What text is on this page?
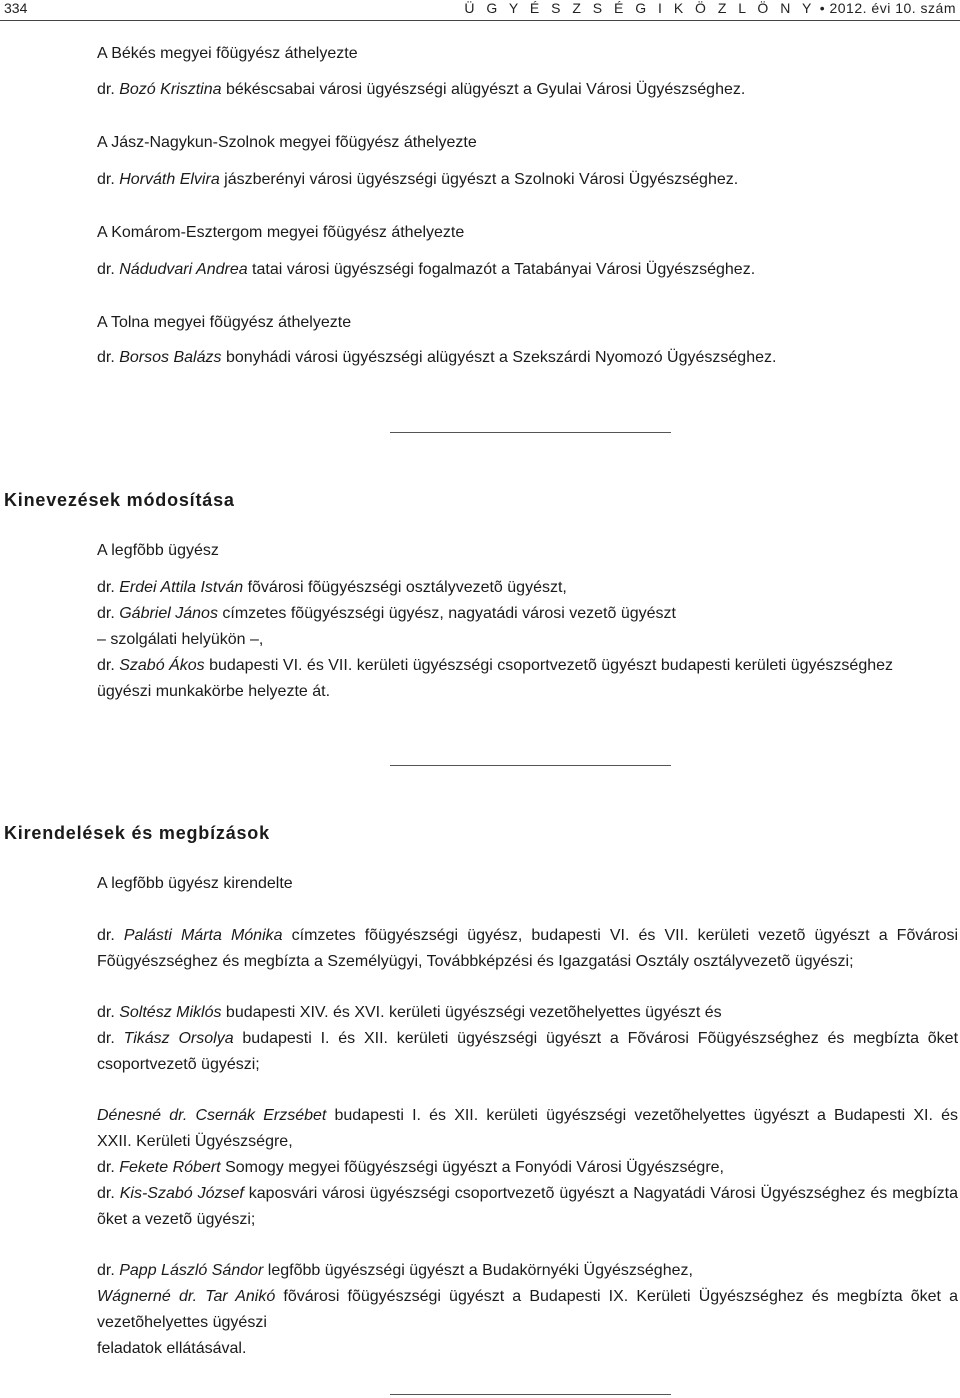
334	Ü G Y É S Z S É G I K Ö Z L Ö N Y • 2012. évi 10. szám
A Békés megyei fõügyész áthelyezte
dr. Bozó Krisztina békéscsabai városi ügyészségi alügyészt a Gyulai Városi Ügyészséghez.
A Jász-Nagykun-Szolnok megyei fõügyész áthelyezte
dr. Horváth Elvira jászberényi városi ügyészségi ügyészt a Szolnoki Városi Ügyészséghez.
A Komárom-Esztergom megyei fõügyész áthelyezte
dr. Nádudvari Andrea tatai városi ügyészségi fogalmazót a Tatabányai Városi Ügyészséghez.
A Tolna megyei fõügyész áthelyezte
dr. Borsos Balázs bonyhádi városi ügyészségi alügyészt a Szekszárdi Nyomozó Ügyészséghez.
Kinevezések módosítása
A legfõbb ügyész
dr. Erdei Attila István fõvárosi fõügyészségi osztályvezetõ ügyészt,
dr. Gábriel János címzetes fõügyészségi ügyész, nagyatádi városi vezetõ ügyészt
– szolgálati helyükön –,
dr. Szabó Ákos budapesti VI. és VII. kerületi ügyészségi csoportvezetõ ügyészt budapesti kerületi ügyészséghez
ügyészi munkakörbe helyezte át.
Kirendelések és megbízások
A legfõbb ügyész kirendelte
dr. Palásti Márta Mónika címzetes fõügyészségi ügyész, budapesti VI. és VII. kerületi vezetõ ügyészt a Fõvárosi
Fõügyészséghez és megbízta a Személyügyi, Továbbképzési és Igazgatási Osztály osztályvezetõ ügyészi;
dr. Soltész Miklós budapesti XIV. és XVI. kerületi ügyészségi vezetõhelyettes ügyészt és
dr. Tikász Orsolya budapesti I. és XII. kerületi ügyészségi ügyészt a Fõvárosi Fõügyészséghez és megbízta õket
csoportvezetõ ügyészi;
Dénesné dr. Csernák Erzsébet budapesti I. és XII. kerületi ügyészségi vezetõhelyettes ügyészt a Budapesti XI. és
XXII. Kerületi Ügyészségre,
dr. Fekete Róbert Somogy megyei fõügyészségi ügyészt a Fonyódi Városi Ügyészségre,
dr. Kis-Szabó József kaposvári városi ügyészségi csoportvezetõ ügyészt a Nagyatádi Városi Ügyészséghez és megbízta
õket a vezetõ ügyészi;
dr. Papp László Sándor legfõbb ügyészségi ügyészt a Budakörnyéki Ügyészséghez,
Wágnerné dr. Tar Anikó fõvárosi fõügyészségi ügyészt a Budapesti IX. Kerületi Ügyészséghez és megbízta õket a
vezetõhelyettes ügyészi
feladatok ellátásával.
